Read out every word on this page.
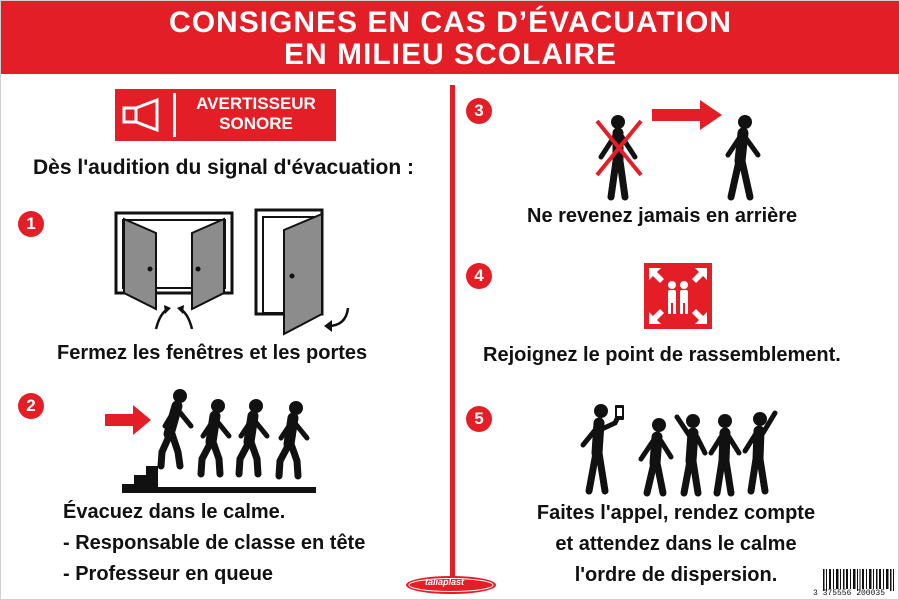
CONSIGNES EN CAS D’ÉVACUATION
EN MILIEU SCOLAIRE
AVERTISSEUR
SONORE
Dès l'audition du signal d'évacuation :
1
Fermez les fenêtres et les portes
2
Évacuez dans le calme.
- Responsable de classe en tête
- Professeur en queue
3
Ne revenez jamais en arrière
4
Rejoignez le point de rassemblement.
5
Faites l'appel, rendez compte
et attendez dans le calme
l'ordre de dispersion.
taliaplast
3 375556 200035
